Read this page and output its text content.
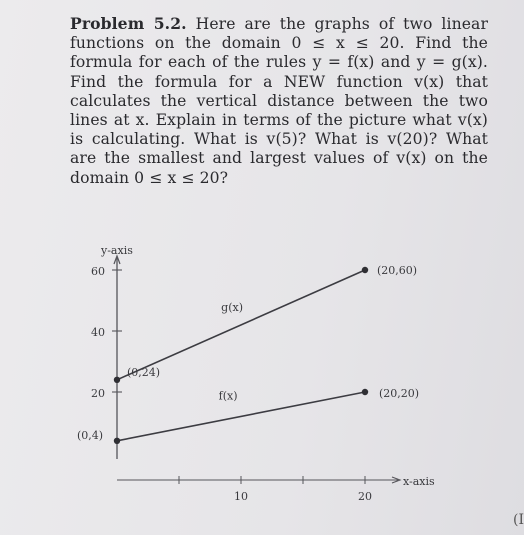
Problem 5.2. Here are the graphs of two linear functions on the domain 0 ≤ x ≤ 20. Find the formula for each of the rules y = f(x) and y = g(x). Find the formula for a NEW function v(x) that calculates the vertical distance between the two lines at x. Explain in terms of the picture what v(x) is calculating. What is v(5)? What is v(20)? What are the smallest and largest values of v(x) on the domain 0 ≤ x ≤ 20?
y-axis
x-axis
20
40
60
10	20
g(x)
(0,24)
(20,60)
f(x)
(0,4)
(20,20)
(I
